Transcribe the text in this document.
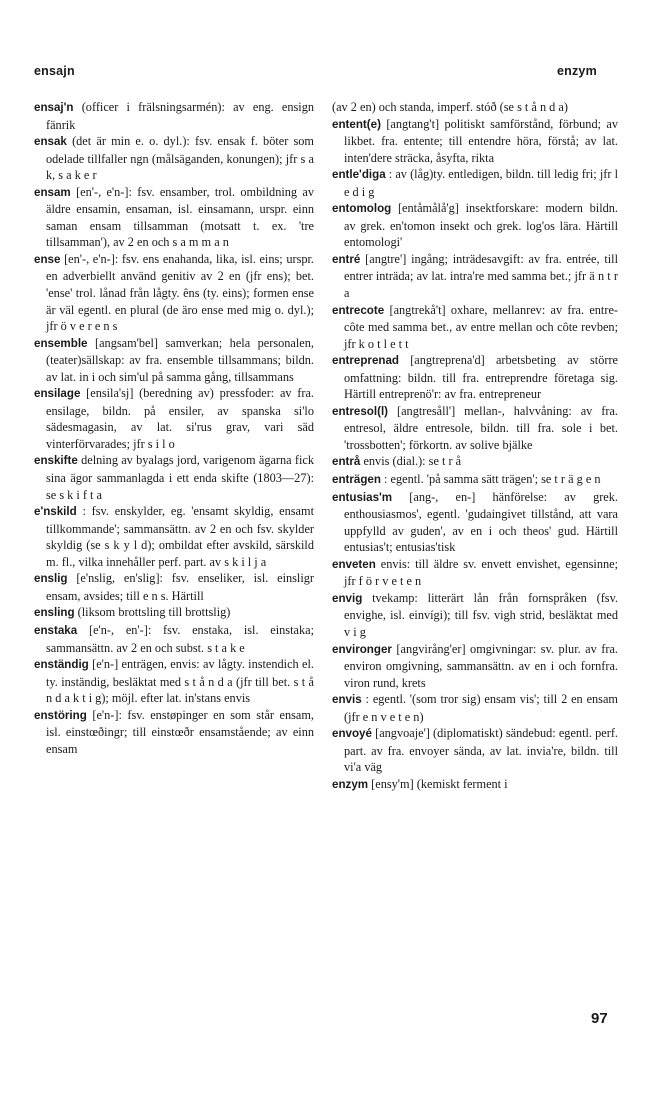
ensajn	enzym

ensaj'n (officer i frälsningsarmén): av eng. ensign fänrik

ensak (det är min e. o. dyl.): fsv. ensak f. böter som odelade tillfaller ngn (målsäganden, konungen); jfr s a k, s a k e r

ensam [en'-, e'n-]: fsv. ensamber, trol. ombildning av äldre ensamin, ensaman, isl. einsamann, urspr. einn saman ensam tillsamman (motsatt t. ex. 'tre tillsamman'), av 2 en och s a m m a n

ense [en'-, e'n-]: fsv. ens enahanda, lika, isl. eins; urspr. en adverbiellt använd genitiv av 2 en (jfr ens); bet. 'ense' trol. lånad från lågty. êns (ty. eins); formen ense är väl egentl. en plural (de äro ense med mig o. dyl.); jfr ö v e r e n s

ensemble [angsam'bel] samverkan; hela personalen, (teater)sällskap: av fra. ensemble tillsammans; bildn. av lat. in i och sim'ul på samma gång, tillsammans

ensilage [ensila'sj] (beredning av) pressfoder: av fra. ensilage, bildn. på ensiler, av spanska si'lo sädesmagasin, av lat. si'rus grav, vari säd vinterförvarades; jfr s i l o

enskifte delning av byalags jord, varigenom ägarna fick sina ägor sammanlagda i ett enda skifte (1803—27): se s k i f t a

e'nskild : fsv. enskylder, eg. 'ensamt skyldig, ensamt tillkommande'; sammansättn. av 2 en och fsv. skylder skyldig (se s k y l d); ombildat efter avskild, särskild m. fl., vilka innehåller perf. part. av s k i l j a

enslig [e'nslig, en'slig]: fsv. enseliker, isl. einsligr ensam, avsides; till e n s. Härtill

ensling (liksom brottsling till brottslig)

enstaka [e'n-, en'-]: fsv. enstaka, isl. einstaka; sammansättn. av 2 en och subst. s t a k e

enständig [e'n-] enträgen, envis: av lågty. instendich el. ty. inständig, besläktat med s t å n d a (jfr till bet. s t å n d a k t i g); möjl. efter lat. in'stans envis

enstöring [e'n-]: fsv. enstøpinger en som står ensam, isl. einstœðingr; till einstœðr ensamstående; av einn ensam

(av 2 en) och standa, imperf. stóð (se s t å n d a)

entent(e) [angtang't] politiskt samförstånd, förbund; av likbet. fra. entente; till entendre höra, förstå; av lat. inten'dere sträcka, åsyfta, rikta

entle'diga : av (låg)ty. entledigen, bildn. till ledig fri; jfr l e d i g

entomolog [entåmålå'g] insektforskare: modern bildn. av grek. en'tomon insekt och grek. log'os lära. Härtill entomologi'

entré [angtre'] ingång; inträdesavgift: av fra. entrée, till entrer inträda; av lat. intra're med samma bet.; jfr ä n t r a

entrecote [angtrekå't] oxhare, mellanrev: av fra. entre-côte med samma bet., av entre mellan och côte revben; jfr k o t l e t t

entreprenad [angtreprena'd] arbetsbeting av större omfattning: bildn. till fra. entreprendre företaga sig. Härtill entreprenö'r: av fra. entrepreneur

entresol(l) [angtresåll'] mellan-, halvvåning: av fra. entresol, äldre entresole, bildn. till fra. sole i bet. 'trossbotten'; förkortn. av solive bjälke

entrå envis (dial.): se t r å

enträgen : egentl. 'på samma sätt trägen'; se t r ä g e n

entusias'm [ang-, en-] hänförelse: av grek. enthousiasmos', egentl. 'gudaingivet tillstånd, att vara uppfylld av guden', av en i och theos' gud. Härtill entusias't; entusias'tisk

enveten envis: till äldre sv. envett envishet, egensinne; jfr f ö r v e t e n

envig tvekamp: litterärt lån från fornspråken (fsv. envighe, isl. einvígi); till fsv. vigh strid, besläktat med v i g

environger [angvirång'er] omgivningar: sv. plur. av fra. environ omgivning, sammansättn. av en i och fornfra. viron rund, krets

envis : egentl. '(som tror sig) ensam vis'; till 2 en ensam (jfr e n v e t e n)

envoyé [angvoaje'] (diplomatiskt) sändebud: egentl. perf. part. av fra. envoyer sända, av lat. invia're, bildn. till vi'a väg

enzym [ensy'm] (kemiskt ferment i

97
